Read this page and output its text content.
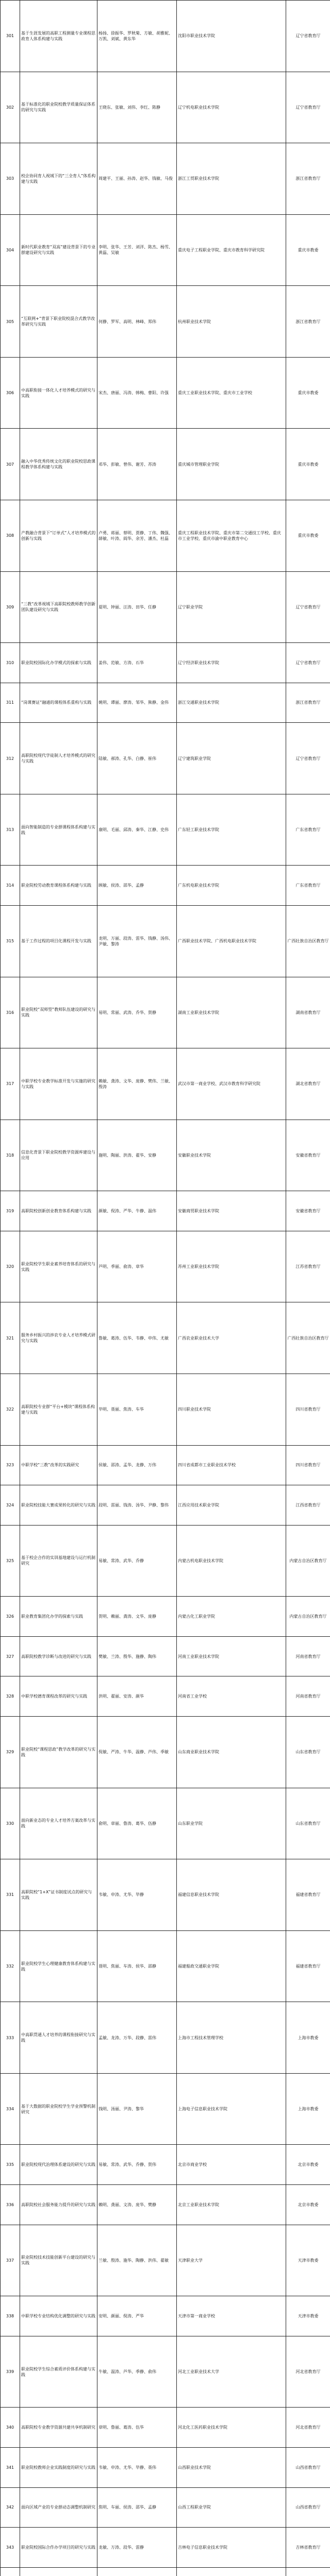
301	基于生涯发展的高职工程测量专业课程思政育人体系构建与实践	杨扬、徐振华、罗秋菊、方敏、胡雅妮、万凯、刘斌、黄东华	沈阳市职业技术学院	辽宁省教育厅
302	基于标准化的职业院校教学质量保证体系的研究与实践	王晓东、张敏、刘伟、李红、陈静	辽宁机电职业技术学院	辽宁省教育厅
303	校企协同育人视域下的“三全育人”体系构建与实践	周建平、王丽、孙涛、赵华、钱敏、马俊	浙江工贸职业技术学院	浙江省教育厅
304	新时代职业教育“双高”建设背景下的专业群建设研究与实践	李明、张华、王芳、刘洋、陈杰、杨雪、黄磊、吴敏	重庆电子工程职业学院、重庆市教育科学研究院	重庆市教委
305	“互联网+”背景下职业院校混合式教学改革研究与实践	何静、罗军、高明、林峰、郑伟	杭州职业技术学院	浙江省教育厅
306	中高职衔接一体化人才培养模式的研究与实践	宋杰、唐丽、冯涛、韩梅、曹阳、许强	重庆工业职业技术学院、重庆市工业学校	重庆市教委
307	融入中华优秀传统文化的职业院校思政课程教学体系构建与实践	邓华、彭敏、曾伟、谢芳、苏涛	重庆城市管理职业学院	重庆市教委
308	产教融合背景下“订单式”人才培养模式的创新与实践	卢勇、蒋丽、蔡明、贾静、丁伟、魏强、薛敏、叶涛、阎华、余芳、潘杰、杜磊	重庆工程职业技术学院、重庆市第二交通技工学校、重庆市工业学校、重庆市渝中职业教育中心	重庆市教委
309	“三教”改革视域下高职院校教师教学创新团队建设研究与实践	夏明、钟丽、汪涛、田华、任静	辽宁职业学院	辽宁省教育厅
310	职业院校国际化办学模式的探索与实践	姜伟、范敏、方涛、石华	辽宁经济职业技术学院	辽宁省教育厅
311	“岗课赛证”融通的课程体系重构与实践	姚明、谭丽、廖涛、邹华、熊静、金伟	浙江交通职业技术学院	浙江省教育厅
312	高职院校现代学徒制人才培养模式的研究与实践	陆敏、郝涛、孔华、白静、崔伟	辽宁建筑职业学院	辽宁省教育厅
313	面向智能制造的专业群课程体系构建与实践	康明、毛丽、邱涛、秦华、江静、史伟	广东轻工职业技术学院	广东省教育厅
314	职业院校劳动教育课程体系构建与实践	顾敏、侯涛、邵华、孟静	广东机电职业技术学院	广东省教育厅
315	基于工作过程的项目化课程开发与实践	龙明、万丽、段涛、雷华、钱静、汤伟、尹敏、黎涛	广西职业技术学院、广西机电职业技术学院	广西壮族自治区教育厅
316	职业院校“双师型”教师队伍建设的研究与实践	易明、常丽、武涛、乔华、贺静	湖南工业职业技术学院	湖南省教育厅
317	中职学校专业教学标准开发与实施的研究与实践	赖敏、龚涛、文华、庞静、樊伟、兰敏、殷涛	武汉市第一商业学校、武汉市教育科学研究院	湖北省教育厅
318	信息化背景下职业院校教学资源库建设与应用	施明、陶丽、洪涛、翟华、安静	安徽职业技术学院	安徽省教育厅
319	高职院校创新创业教育体系构建与实践	颜敏、倪涛、严华、牛静、温伟	安徽商贸职业技术学院	安徽省教育厅
320	职业院校学生职业素养培育体系的研究与实践	芦明、季丽、俞涛、章华	苏州工业职业技术学院	江苏省教育厅
321	服务乡村振兴的涉农专业人才培养模式研究与实践	鲁敏、葛涛、伍华、韦静、申伟、尤敏	广西农业职业技术大学	广西壮族自治区教育厅
322	高职院校专业群“平台+模块”课程体系构建与实践	毕明、聂丽、焦涛、车华	四川职业技术学院	四川省教育厅
323	中职学校“三教”改革的实践研究	侯敏、邵涛、孟华、龙静、万伟	四川省成都市工业职业技术学校	四川省教育厅
324	职业院校技能大赛成果转化的研究与实践	段明、雷丽、钱涛、汤华、尹静、黎伟	江西应用技术职业学院	江西省教育厅
325	基于校企合作的实训基地建设与运行机制研究	易敏、常涛、武华、乔静	内蒙古机电职业技术学院	内蒙古自治区教育厅
326	职业教育集团化办学的探索与实践	贺明、赖丽、龚涛、文华、庞静	内蒙古化工职业学院	内蒙古自治区教育厅
327	高职院校教学诊断与改进的研究与实践	樊敏、兰涛、殷华、施静、陶伟	河南工业职业技术学院	河南省教育厅
328	中职学校德育课程改革的研究与实践	洪明、翟丽、安涛、颜华	河南省工业学校	河南省教育厅
329	职业院校“课程思政”教学改革的研究与实践	倪敏、严涛、牛华、温静、芦伟、季敏	山东商业职业技术学院	山东省教育厅
330	面向新业态的专业人才培养方案改革与实践	俞明、章丽、鲁涛、葛华、伍静	山东职业学院	山东省教育厅
331	高职院校“1+X”证书制度试点的研究与实践	韦敏、申涛、尤华、毕静	福建信息职业技术学院	福建省教育厅
332	职业院校学生心理健康教育体系构建与实践	聂明、焦丽、车涛、侯华、邵静	福建船政交通职业学院	福建省教育厅
333	中高职贯通人才培养的课程衔接研究与实践	孟敏、龙涛、万华、段静、雷伟	上海市工程技术管理学校	上海市教委
334	基于大数据的职业院校学生学业预警机制研究	钱明、汤丽、尹涛、黎华	上海电子信息职业技术学院	上海市教委
335	职业院校现代治理体系建设的研究与实践	易敏、常涛、武华、乔静、贺伟	北京市商业学校	北京市教委
336	高职院校社会服务能力提升的研究与实践	赖明、龚丽、文涛、庞华、樊静	北京工业职业技术学院	北京市教委
337	职业院校技术技能创新平台建设的研究与实践	兰敏、殷涛、施华、陶静、洪伟、翟敏	天津职业大学	天津市教委
338	中职学校专业结构优化调整的研究与实践	安明、颜丽、倪涛、严华	天津市第一商业学校	天津市教委
339	职业院校学生综合素质评价体系构建与实践	牛敏、温涛、芦华、季静、俞伟	河北工业职业技术大学	河北省教育厅
340	高职院校专业教学资源共建共享机制研究	章明、鲁丽、葛涛、伍华	河北化工医药职业技术学院	河北省教育厅
341	职业院校教师企业实践制度的研究与实践	韦敏、申涛、尤华、毕静、聂伟	山西职业技术学院	山西省教育厅
342	面向区域产业的专业群动态调整机制研究	焦明、车丽、侯涛、邵华、孟静	山西工程职业学院	山西省教育厅
343	职业院校国际合作办学项目的研究与实践	龙敏、万涛、段华、雷静	吉林电子信息职业技术学院	吉林省教育厅
